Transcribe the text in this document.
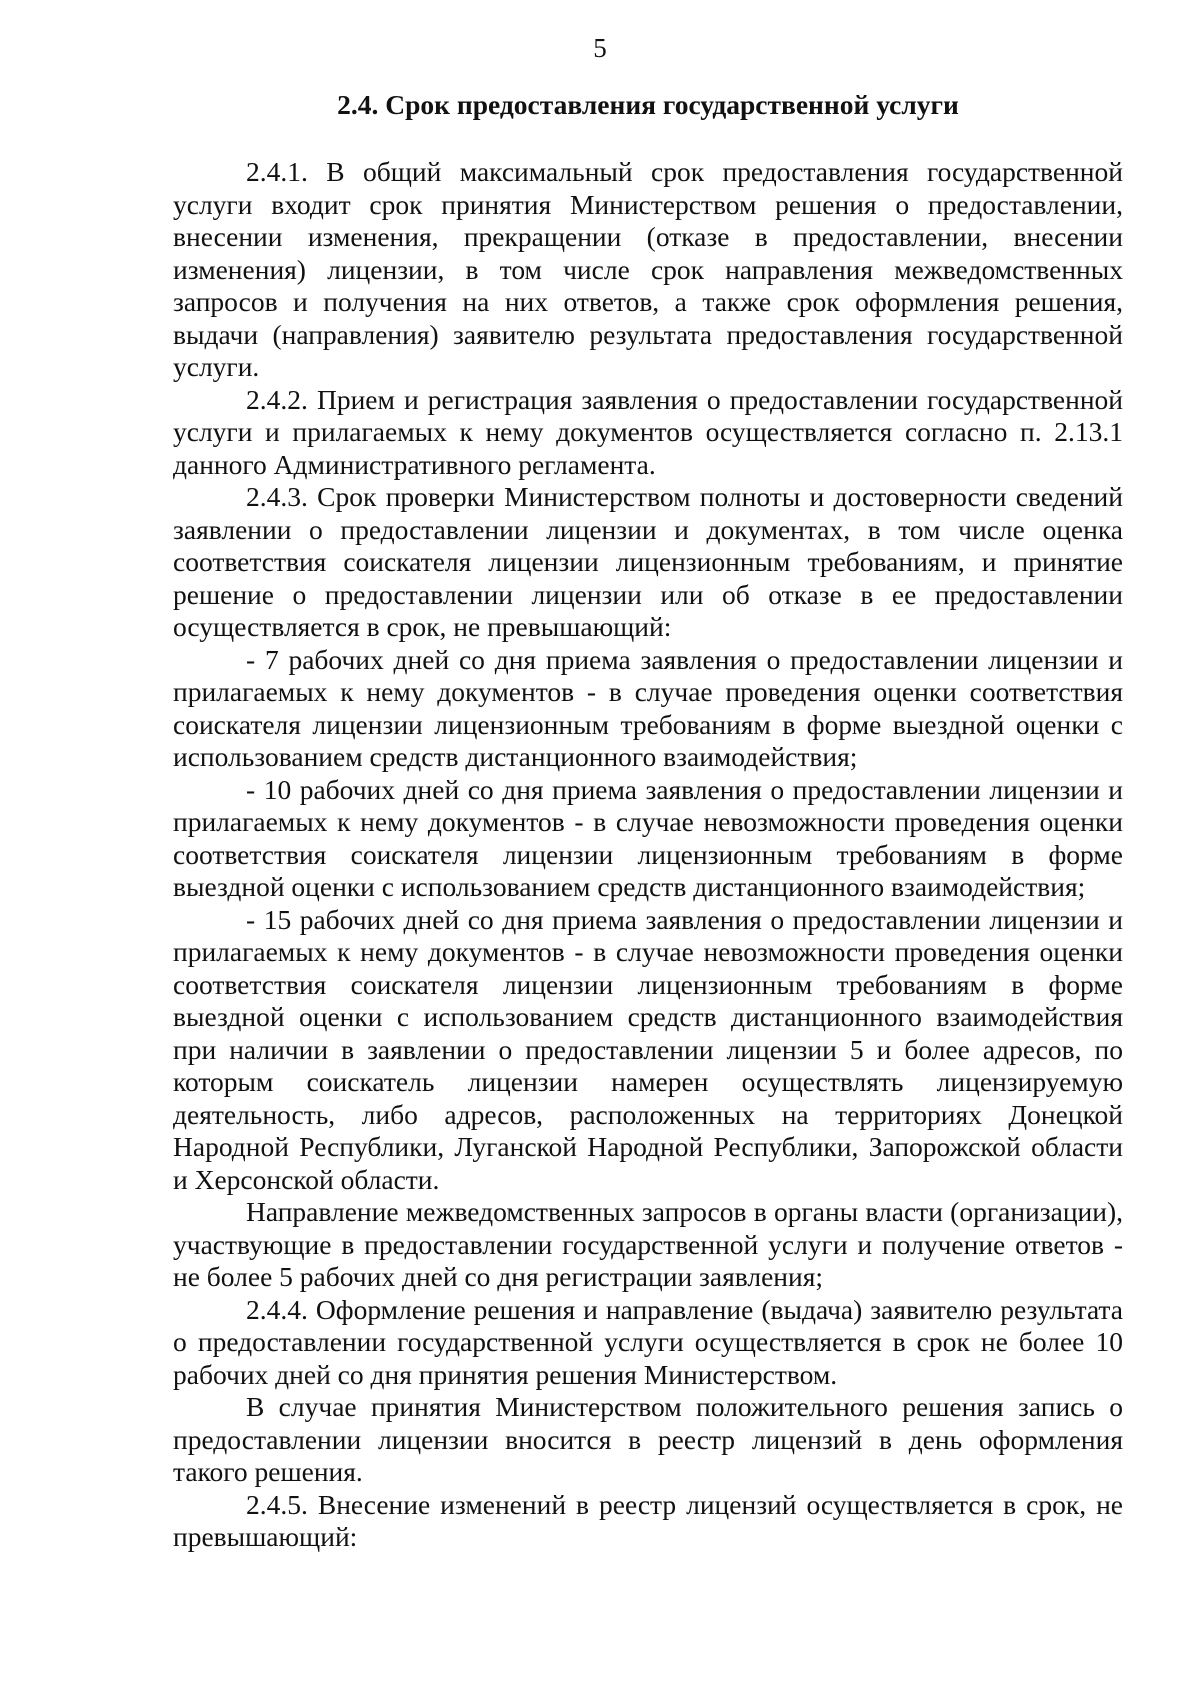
5
2.4. Срок предоставления государственной услуги

2.4.1. В общий максимальный срок предоставления государственной услуги входит срок принятия Министерством решения о предоставлении, внесении изменения, прекращении (отказе в предоставлении, внесении изменения) лицензии, в том числе срок направления межведомственных запросов и получения на них ответов, а также срок оформления решения, выдачи (направления) заявителю результата предоставления государственной услуги.

2.4.2. Прием и регистрация заявления о предоставлении государственной услуги и прилагаемых к нему документов осуществляется согласно п. 2.13.1 данного Административного регламента.

2.4.3. Срок проверки Министерством полноты и достоверности сведений заявлении о предоставлении лицензии и документах, в том числе оценка соответствия соискателя лицензии лицензионным требованиям, и принятие решение о предоставлении лицензии или об отказе в ее предоставлении осуществляется в срок, не превышающий:

- 7 рабочих дней со дня приема заявления о предоставлении лицензии и прилагаемых к нему документов - в случае проведения оценки соответствия соискателя лицензии лицензионным требованиям в форме выездной оценки с использованием средств дистанционного взаимодействия;

- 10 рабочих дней со дня приема заявления о предоставлении лицензии и прилагаемых к нему документов - в случае невозможности проведения оценки соответствия соискателя лицензии лицензионным требованиям в форме выездной оценки с использованием средств дистанционного взаимодействия;

- 15 рабочих дней со дня приема заявления о предоставлении лицензии и прилагаемых к нему документов - в случае невозможности проведения оценки соответствия соискателя лицензии лицензионным требованиям в форме выездной оценки с использованием средств дистанционного взаимодействия при наличии в заявлении о предоставлении лицензии 5 и более адресов, по которым соискатель лицензии намерен осуществлять лицензируемую деятельность, либо адресов, расположенных на территориях Донецкой Народной Республики, Луганской Народной Республики, Запорожской области и Херсонской области.

Направление межведомственных запросов в органы власти (организации), участвующие в предоставлении государственной услуги и получение ответов - не более 5 рабочих дней со дня регистрации заявления;

2.4.4. Оформление решения и направление (выдача) заявителю результата о предоставлении государственной услуги осуществляется в срок не более 10 рабочих дней со дня принятия решения Министерством.

В случае принятия Министерством положительного решения запись о предоставлении лицензии вносится в реестр лицензий в день оформления такого решения.

2.4.5. Внесение изменений в реестр лицензий осуществляется в срок, не превышающий:
